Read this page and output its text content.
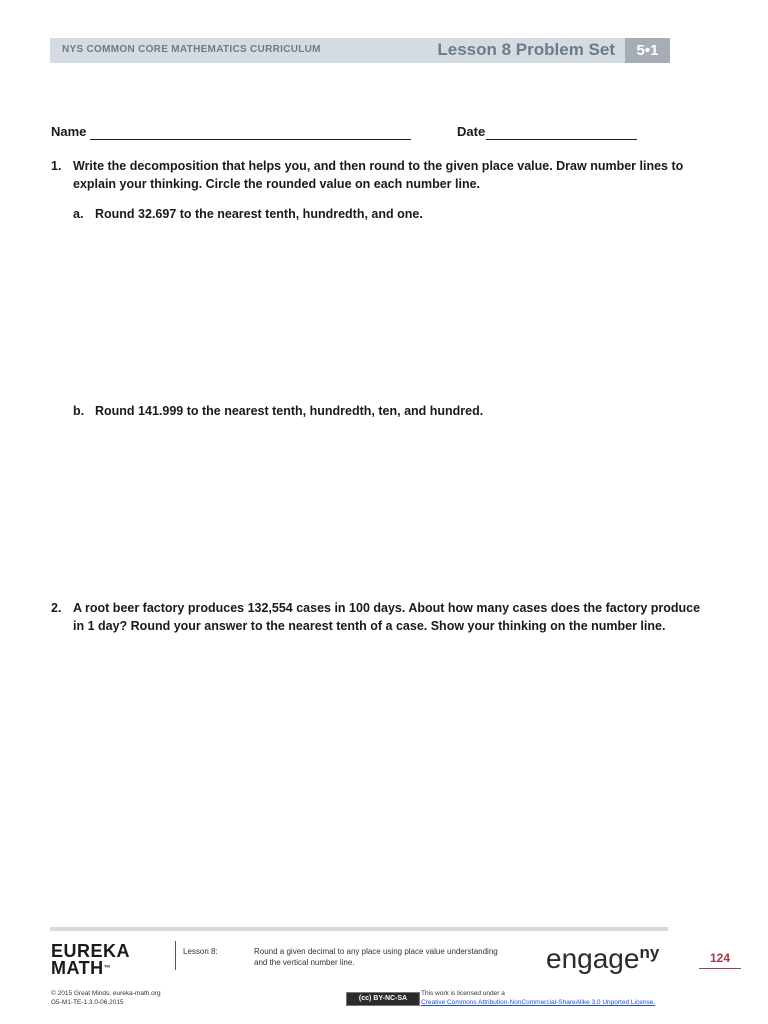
NYS COMMON CORE MATHEMATICS CURRICULUM	Lesson 8 Problem Set	5•1
Name	Date
1. Write the decomposition that helps you, and then round to the given place value. Draw number lines to
explain your thinking. Circle the rounded value on each number line.
a. Round 32.697 to the nearest tenth, hundredth, and one.
b. Round 141.999 to the nearest tenth, hundredth, ten, and hundred.
2. A root beer factory produces 132,554 cases in 100 days. About how many cases does the factory produce
in 1 day? Round your answer to the nearest tenth of a case. Show your thinking on the number line.
EUREKA
MATH™
Lesson 8:	Round a given decimal to any place using place value understanding
and the vertical number line.	engage$^{ny}$	124
© 2015 Great Minds. eureka-math.org
G5-M1-TE-1.3.0-06.2015
(cc) BY-NC-SA
This work is licensed under a
Creative Commons Attribution-NonCommercial-ShareAlike 3.0 Unported License.
